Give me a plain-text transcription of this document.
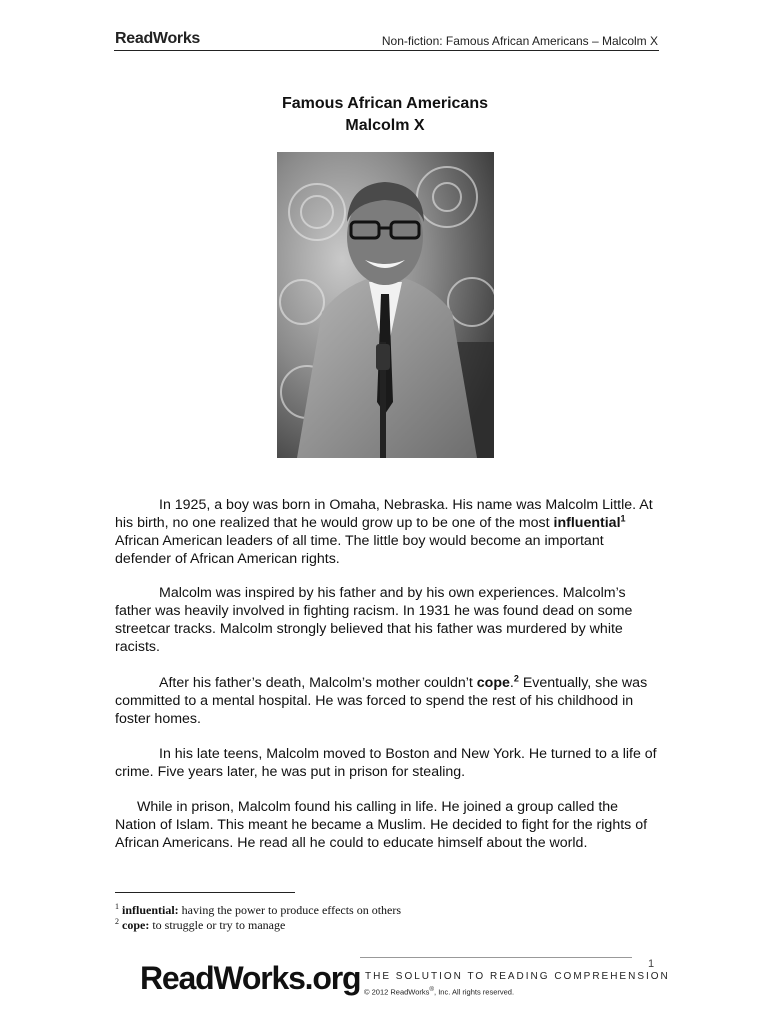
ReadWorks	Non-fiction: Famous African Americans – Malcolm X
Famous African Americans
Malcolm X
In 1925, a boy was born in Omaha, Nebraska. His name was Malcolm Little. At his birth, no one realized that he would grow up to be one of the most influential$^1$ African American leaders of all time. The little boy would become an important defender of African American rights.
Malcolm was inspired by his father and by his own experiences. Malcolm’s father was heavily involved in fighting racism. In 1931 he was found dead on some streetcar tracks. Malcolm strongly believed that his father was murdered by white racists.
After his father’s death, Malcolm’s mother couldn’t cope.$^2$ Eventually, she was committed to a mental hospital. He was forced to spend the rest of his childhood in foster homes.
In his late teens, Malcolm moved to Boston and New York. He turned to a life of crime. Five years later, he was put in prison for stealing.
While in prison, Malcolm found his calling in life. He joined a group called the Nation of Islam. This meant he became a Muslim. He decided to fight for the rights of African Americans. He read all he could to educate himself about the world.
$^1$ influential: having the power to produce effects on others
$^2$ cope: to struggle or try to manage
1
ReadWorks.org THE SOLUTION TO READING COMPREHENSION
© 2012 ReadWorks®, Inc. All rights reserved.
